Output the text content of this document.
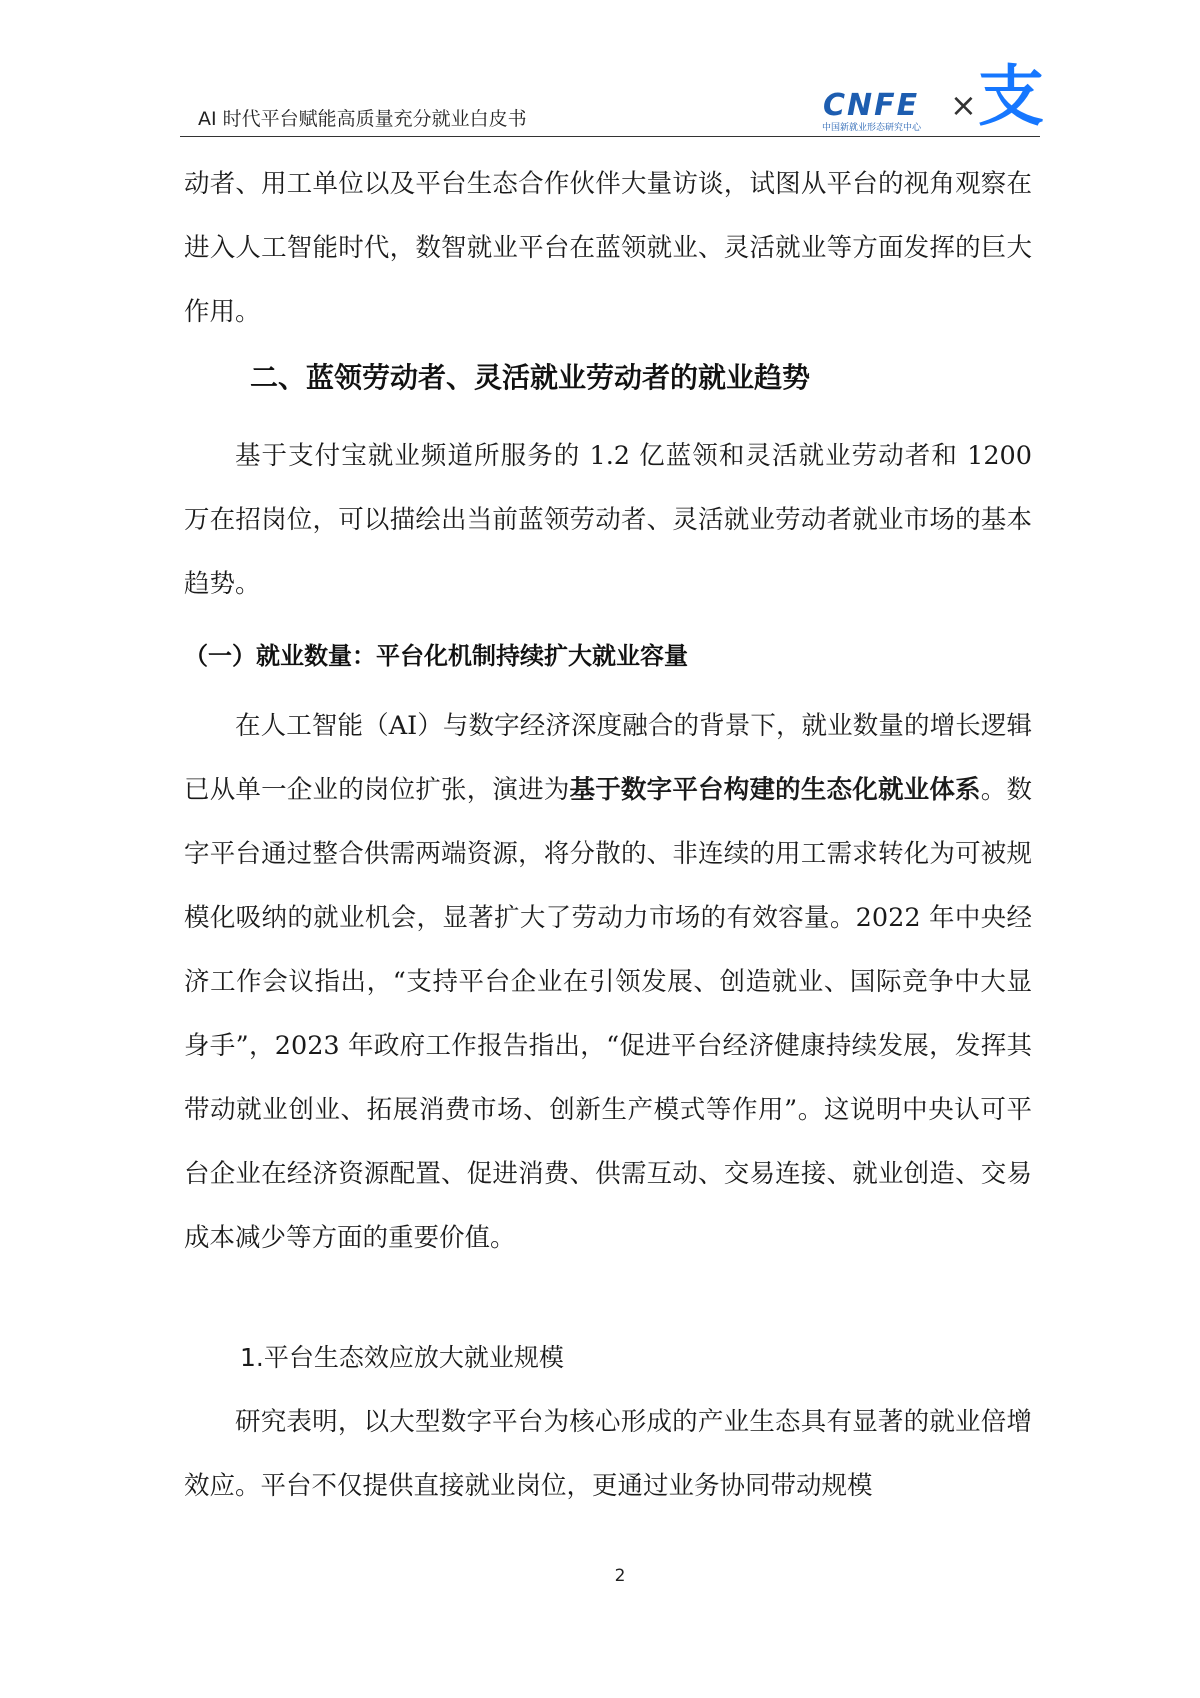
AI 时代平台赋能高质量充分就业白皮书	CNFE
中国新就业形态研究中心
× 支

动者、用工单位以及平台生态合作伙伴大量访谈，试图从平台的视角观察在进入人工智能时代，数智就业平台在蓝领就业、灵活就业等方面发挥的巨大作用。

二、蓝领劳动者、灵活就业劳动者的就业趋势

基于支付宝就业频道所服务的 1.2 亿蓝领和灵活就业劳动者和 1200 万在招岗位，可以描绘出当前蓝领劳动者、灵活就业劳动者就业市场的基本趋势。

（一）就业数量：平台化机制持续扩大就业容量

在人工智能（AI）与数字经济深度融合的背景下，就业数量的增长逻辑已从单一企业的岗位扩张，演进为基于数字平台构建的生态化就业体系。数字平台通过整合供需两端资源，将分散的、非连续的用工需求转化为可被规模化吸纳的就业机会，显著扩大了劳动力市场的有效容量。2022 年中央经济工作会议指出，“支持平台企业在引领发展、创造就业、国际竞争中大显身手”，2023 年政府工作报告指出，“促进平台经济健康持续发展，发挥其带动就业创业、拓展消费市场、创新生产模式等作用”。这说明中央认可平台企业在经济资源配置、促进消费、供需互动、交易连接、就业创造、交易成本减少等方面的重要价值。

1.平台生态效应放大就业规模

研究表明，以大型数字平台为核心形成的产业生态具有显著的就业倍增效应。平台不仅提供直接就业岗位，更通过业务协同带动规模

2
